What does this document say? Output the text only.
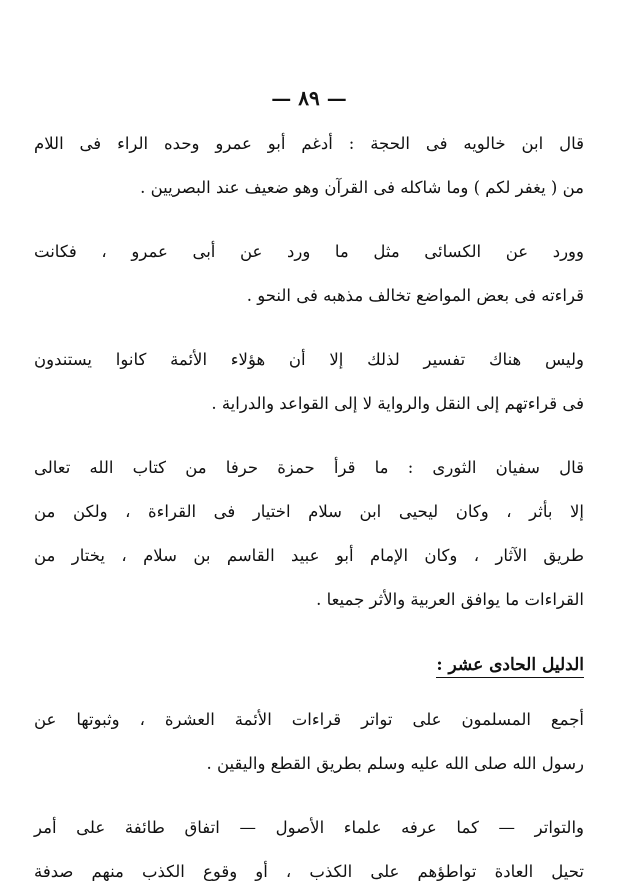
— ٨٩ —
قال ابن خالويه فى الحجة : أدغم أبو عمرو وحده الراء فى اللام
من ( يغفر لكم ) وما شاكله فى القرآن وهو ضعيف عند البصريين .
وورد عن الكسائى مثل ما ورد عن أبى عمرو ، فكانت
قراءته فى بعض المواضع تخالف مذهبه فى النحو .
وليس هناك تفسير لذلك إلا أن هؤلاء الأئمة كانوا يستندون
فى قراءتهم إلى النقل والرواية لا إلى القواعد والدراية .
قال سفيان الثورى : ما قرأ حمزة حرفا من كتاب الله تعالى
إلا بأثر ، وكان ليحيى ابن سلام اختيار فى القراءة ، ولكن من
طريق الآثار ، وكان الإمام أبو عبيد القاسم بن سلام ، يختار من
القراءات ما يوافق العربية والأثر جميعا .
الدليل الحادى عشر :
أجمع المسلمون على تواتر قراءات الأئمة العشرة ، وثبوتها عن
رسول الله صلى الله عليه وسلم بطريق القطع واليقين .
والتواتر — كما عرفه علماء الأصول — اتفاق طائفة على أمر
تحيل العادة تواطؤهم على الكذب ، أو وقوع الكذب منهم صدفة
